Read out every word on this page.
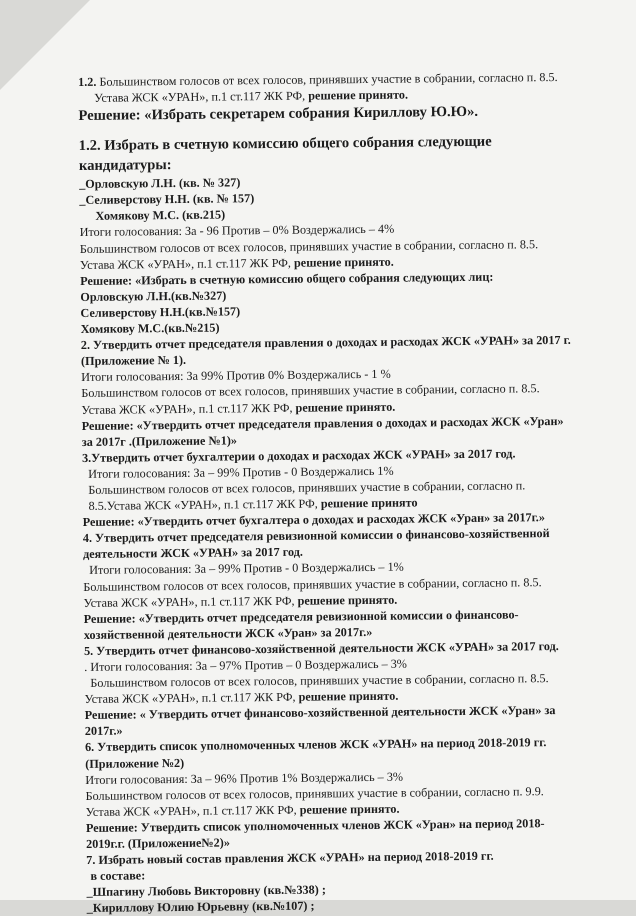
1.2. Большинством голосов от всех голосов, принявших участие в собрании, согласно п. 8.5.
Устава ЖСК «УРАН», п.1 ст.117 ЖК РФ, решение принято.
Решение: «Избрать секретарем собрания Кириллову Ю.Ю».
1.2. Избрать в счетную комиссию общего собрания следующие
кандидатуры:
_Орловскую Л.Н. (кв. № 327)
_Селиверстову Н.Н. (кв. № 157)
Хомякову М.С. (кв.215)
Итоги голосования: За - 96 Против – 0% Воздержались – 4%
Большинством голосов от всех голосов, принявших участие в собрании, согласно п. 8.5.
Устава ЖСК «УРАН», п.1 ст.117 ЖК РФ, решение принято.
Решение: «Избрать в счетную комиссию общего собрания следующих лиц:
Орловскую Л.Н.(кв.№327)
Селиверстову Н.Н.(кв.№157)
Хомякову М.С.(кв.№215)
2. Утвердить отчет председателя правления о доходах и расходах ЖСК «УРАН» за 2017 г.
(Приложение № 1).
Итоги голосования: За 99% Против 0% Воздержались - 1 %
Большинством голосов от всех голосов, принявших участие в собрании, согласно п. 8.5.
Устава ЖСК «УРАН», п.1 ст.117 ЖК РФ, решение принято.
Решение: «Утвердить отчет председателя правления о доходах и расходах ЖСК «Уран»
за 2017г .(Приложение №1)»
3.Утвердить отчет бухгалтерии о доходах и расходах ЖСК «УРАН» за 2017 год.
Итоги голосования: За – 99% Против - 0 Воздержались 1%
Большинством голосов от всех голосов, принявших участие в собрании, согласно п.
8.5.Устава ЖСК «УРАН», п.1 ст.117 ЖК РФ, решение принято
Решение: «Утвердить отчет бухгалтера о доходах и расходах ЖСК «Уран» за 2017г.»
4. Утвердить отчет председателя ревизионной комиссии о финансово-хозяйственной
деятельности ЖСК «УРАН» за 2017 год.
Итоги голосования: За – 99% Против - 0 Воздержались – 1%
Большинством голосов от всех голосов, принявших участие в собрании, согласно п. 8.5.
Устава ЖСК «УРАН», п.1 ст.117 ЖК РФ, решение принято.
Решение: «Утвердить отчет председателя ревизионной комиссии о финансово-
хозяйственной деятельности ЖСК «Уран» за 2017г.»
5. Утвердить отчет финансово-хозяйственной деятельности ЖСК «УРАН» за 2017 год.
. Итоги голосования: За – 97% Против – 0 Воздержались – 3%
Большинством голосов от всех голосов, принявших участие в собрании, согласно п. 8.5.
Устава ЖСК «УРАН», п.1 ст.117 ЖК РФ, решение принято.
Решение: « Утвердить отчет финансово-хозяйственной деятельности ЖСК «Уран» за
2017г.»
6. Утвердить список уполномоченных членов ЖСК «УРАН» на период 2018-2019 гг.
(Приложение №2)
Итоги голосования: За – 96% Против 1% Воздержались – 3%
Большинством голосов от всех голосов, принявших участие в собрании, согласно п. 9.9.
Устава ЖСК «УРАН», п.1 ст.117 ЖК РФ, решение принято.
Решение: Утвердить список уполномоченных членов ЖСК «Уран» на период 2018-
2019г.г. (Приложение№2)»
7. Избрать новый состав правления ЖСК «УРАН» на период 2018-2019 гг.
в составе:
_Шпагину Любовь Викторовну (кв.№338) ;
_Кириллову Юлию Юрьевну (кв.№107) ;
